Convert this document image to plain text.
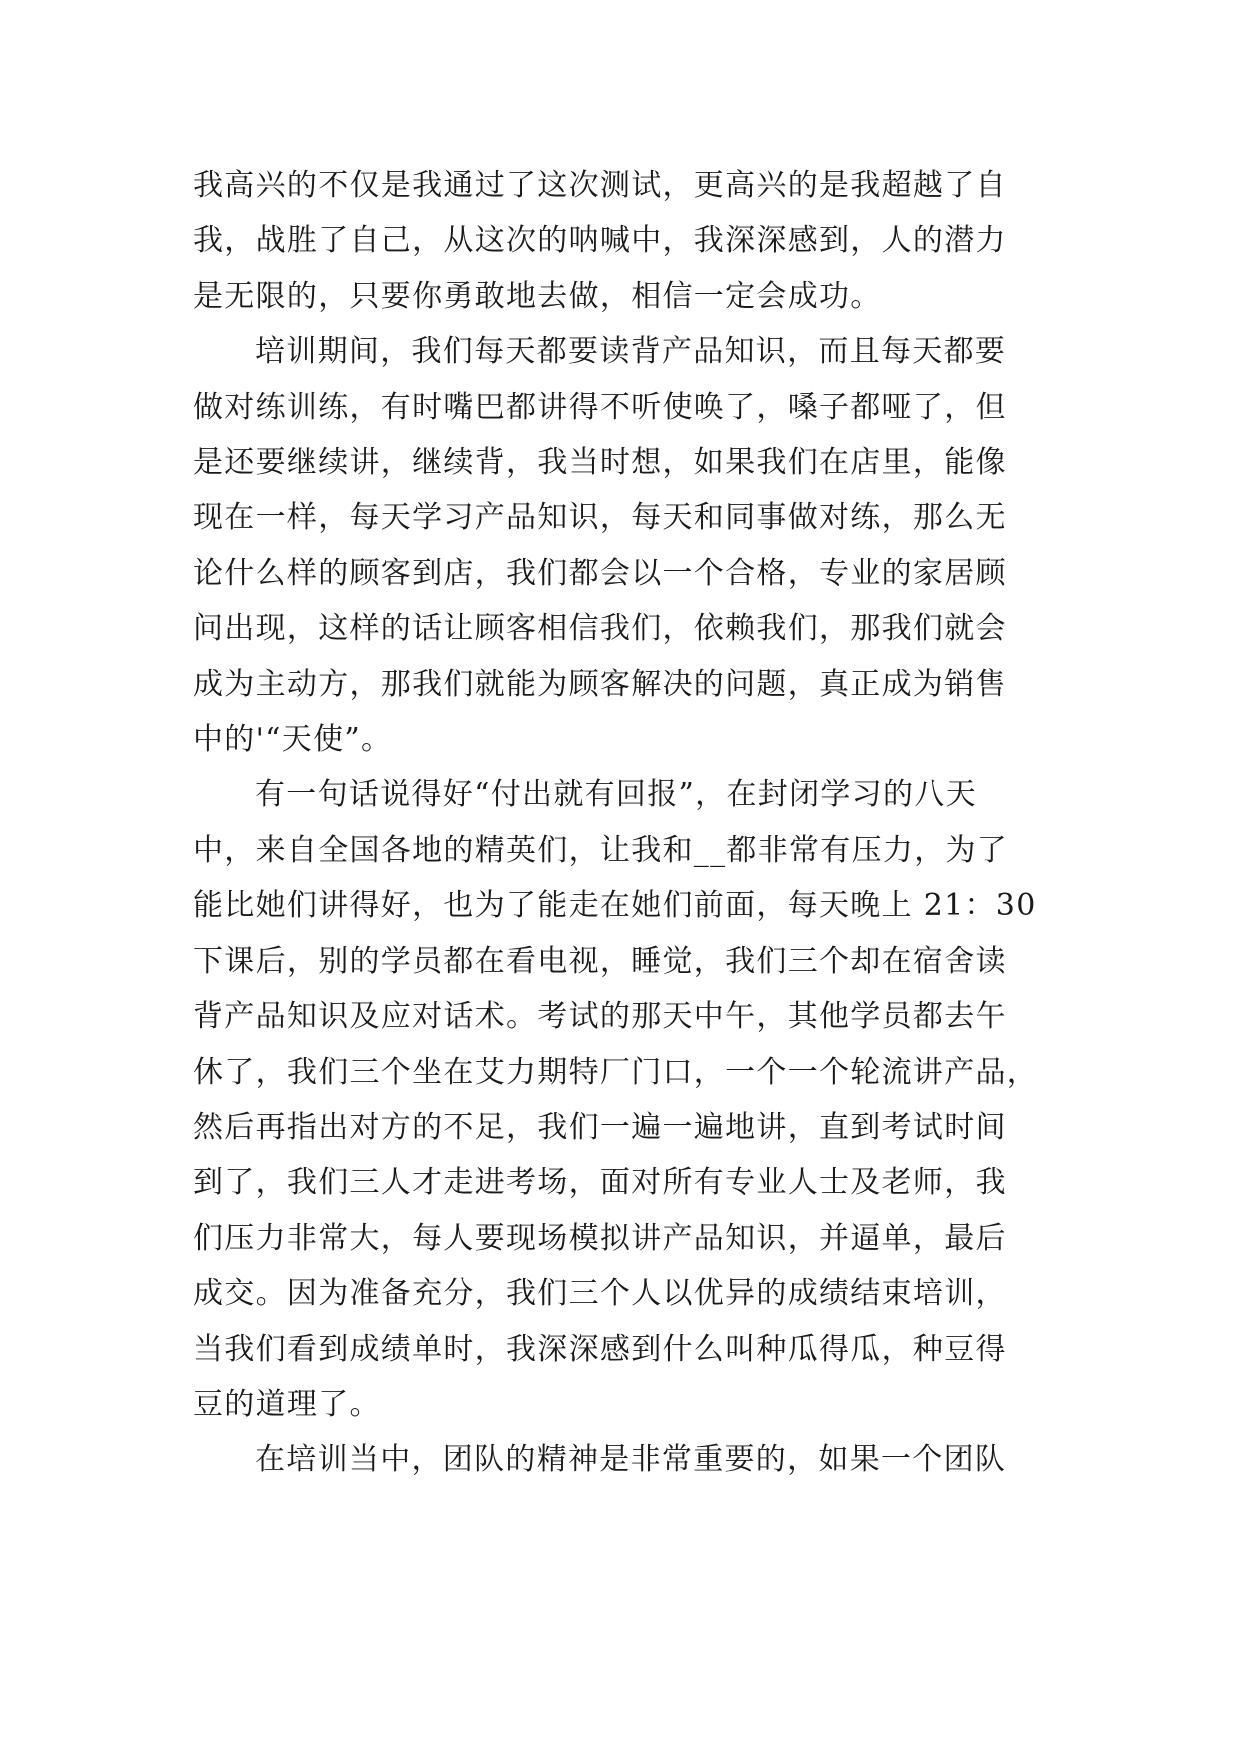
我高兴的不仅是我通过了这次测试，更高兴的是我超越了自
我，战胜了自己，从这次的呐喊中，我深深感到，人的潜力
是无限的，只要你勇敢地去做，相信一定会成功。

培训期间，我们每天都要读背产品知识，而且每天都要
做对练训练，有时嘴巴都讲得不听使唤了，嗓子都哑了，但
是还要继续讲，继续背，我当时想，如果我们在店里，能像
现在一样，每天学习产品知识，每天和同事做对练，那么无
论什么样的顾客到店，我们都会以一个合格，专业的家居顾
问出现，这样的话让顾客相信我们，依赖我们，那我们就会
成为主动方，那我们就能为顾客解决的问题，真正成为销售
中的'“天使”。

有一句话说得好“付出就有回报”，在封闭学习的八天
中，来自全国各地的精英们，让我和__都非常有压力，为了
能比她们讲得好，也为了能走在她们前面，每天晚上 21：30
下课后，别的学员都在看电视，睡觉，我们三个却在宿舍读
背产品知识及应对话术。考试的那天中午，其他学员都去午
休了，我们三个坐在艾力期特厂门口，一个一个轮流讲产品，
然后再指出对方的不足，我们一遍一遍地讲，直到考试时间
到了，我们三人才走进考场，面对所有专业人士及老师，我
们压力非常大，每人要现场模拟讲产品知识，并逼单，最后
成交。因为准备充分，我们三个人以优异的成绩结束培训，
当我们看到成绩单时，我深深感到什么叫种瓜得瓜，种豆得
豆的道理了。

在培训当中，团队的精神是非常重要的，如果一个团队
